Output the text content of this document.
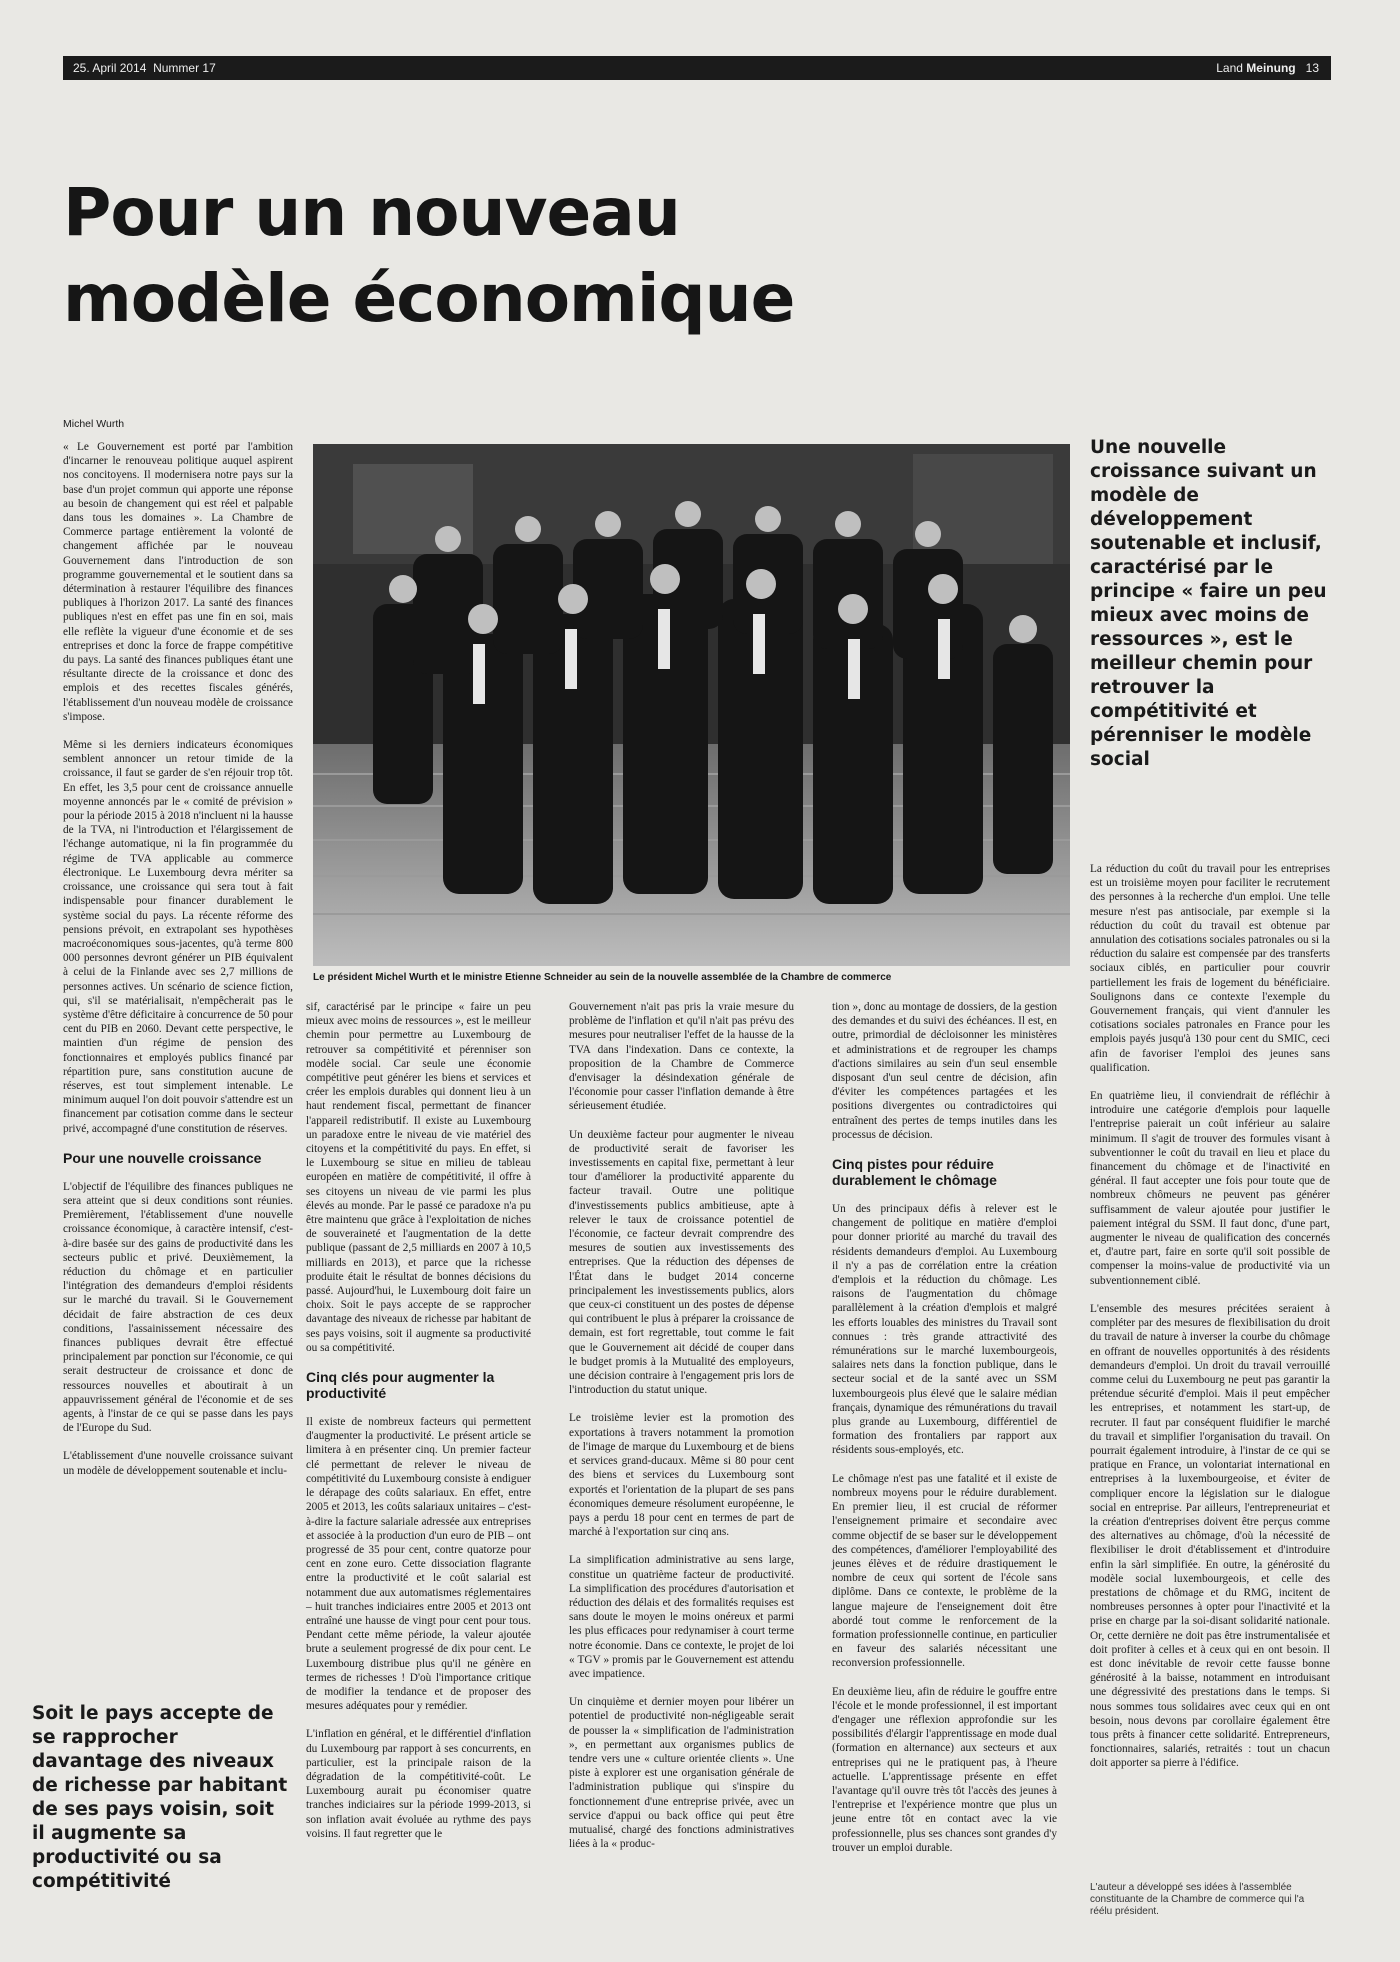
25. April 2014 Nummer 17	Land Meinung 13
Pour un nouveau modèle économique
Michel Wurth

« Le Gouvernement est porté par l'ambition d'incarner le renouveau politique auquel aspirent nos concitoyens. Il modernisera notre pays sur la base d'un projet commun qui apporte une réponse au besoin de changement qui est réel et palpable dans tous les domaines ». La Chambre de Commerce partage entièrement la volonté de changement affichée par le nouveau Gouvernement dans l'introduction de son programme gouvernemental et le soutient dans sa détermination à restaurer l'équilibre des finances publiques à l'horizon 2017. La santé des finances publiques n'est en effet pas une fin en soi, mais elle reflète la vigueur d'une économie et de ses entreprises et donc la force de frappe compétitive du pays. La santé des finances publiques étant une résultante directe de la croissance et donc des emplois et des recettes fiscales générés, l'établissement d'un nouveau modèle de croissance s'impose.

Même si les derniers indicateurs économiques semblent annoncer un retour timide de la croissance, il faut se garder de s'en réjouir trop tôt. En effet, les 3,5 pour cent de croissance annuelle moyenne annoncés par le « comité de prévision » pour la période 2015 à 2018 n'incluent ni la hausse de la TVA, ni l'introduction et l'élargissement de l'échange automatique, ni la fin programmée du régime de TVA applicable au commerce électronique. Le Luxembourg devra mériter sa croissance, une croissance qui sera tout à fait indispensable pour financer durablement le système social du pays. La récente réforme des pensions prévoit, en extrapolant ses hypothèses macroéconomiques sous-jacentes, qu'à terme 800 000 personnes devront générer un PIB équivalent à celui de la Finlande avec ses 2,7 millions de personnes actives. Un scénario de science fiction, qui, s'il se matérialisait, n'empêcherait pas le système d'être déficitaire à concurrence de 50 pour cent du PIB en 2060. Devant cette perspective, le maintien d'un régime de pension des fonctionnaires et employés publics financé par répartition pure, sans constitution aucune de réserves, est tout simplement intenable. Le minimum auquel l'on doit pouvoir s'attendre est un financement par cotisation comme dans le secteur privé, accompagné d'une constitution de réserves.

Pour une nouvelle croissance

L'objectif de l'équilibre des finances publiques ne sera atteint que si deux conditions sont réunies. Premièrement, l'établissement d'une nouvelle croissance économique, à caractère intensif, c'est-à-dire basée sur des gains de productivité dans les secteurs public et privé. Deuxièmement, la réduction du chômage et en particulier l'intégration des demandeurs d'emploi résidents sur le marché du travail. Si le Gouvernement décidait de faire abstraction de ces deux conditions, l'assainissement nécessaire des finances publiques devrait être effectué principalement par ponction sur l'économie, ce qui serait destructeur de croissance et donc de ressources nouvelles et aboutirait à un appauvrissement général de l'économie et de ses agents, à l'instar de ce qui se passe dans les pays de l'Europe du Sud.

L'établissement d'une nouvelle croissance suivant un modèle de développement soutenable et inclu-

Le président Michel Wurth et le ministre Etienne Schneider au sein de la nouvelle assemblée de la Chambre de commerce
Une nouvelle croissance suivant un modèle de développement soutenable et inclusif, caractérisé par le principe « faire un peu mieux avec moins de ressources », est le meilleur chemin pour retrouver la compétitivité et pérenniser le modèle social

sif, caractérisé par le principe « faire un peu mieux avec moins de ressources », est le meilleur chemin pour permettre au Luxembourg de retrouver sa compétitivité et pérenniser son modèle social. Car seule une économie compétitive peut générer les biens et services et créer les emplois durables qui donnent lieu à un haut rendement fiscal, permettant de financer l'appareil redistributif. Il existe au Luxembourg un paradoxe entre le niveau de vie matériel des citoyens et la compétitivité du pays. En effet, si le Luxembourg se situe en milieu de tableau européen en matière de compétitivité, il offre à ses citoyens un niveau de vie parmi les plus élevés au monde. Par le passé ce paradoxe n'a pu être maintenu que grâce à l'exploitation de niches de souveraineté et l'augmentation de la dette publique (passant de 2,5 milliards en 2007 à 10,5 milliards en 2013), et parce que la richesse produite était le résultat de bonnes décisions du passé. Aujourd'hui, le Luxembourg doit faire un choix. Soit le pays accepte de se rapprocher davantage des niveaux de richesse par habitant de ses pays voisins, soit il augmente sa productivité ou sa compétitivité.

Cinq clés pour augmenter la productivité

Il existe de nombreux facteurs qui permettent d'augmenter la productivité. Le présent article se limitera à en présenter cinq. Un premier facteur clé permettant de relever le niveau de compétitivité du Luxembourg consiste à endiguer le dérapage des coûts salariaux. En effet, entre 2005 et 2013, les coûts salariaux unitaires – c'est-à-dire la facture salariale adressée aux entreprises et associée à la production d'un euro de PIB – ont progressé de 35 pour cent, contre quatorze pour cent en zone euro. Cette dissociation flagrante entre la productivité et le coût salarial est notamment due aux automatismes réglementaires – huit tranches indiciaires entre 2005 et 2013 ont entraîné une hausse de vingt pour cent pour tous. Pendant cette même période, la valeur ajoutée brute a seulement progressé de dix pour cent. Le Luxembourg distribue plus qu'il ne génère en termes de richesses ! D'où l'importance critique de modifier la tendance et de proposer des mesures adéquates pour y remédier.

L'inflation en général, et le différentiel d'inflation du Luxembourg par rapport à ses concurrents, en particulier, est la principale raison de la dégradation de la compétitivité-coût. Le Luxembourg aurait pu économiser quatre tranches indiciaires sur la période 1999-2013, si son inflation avait évoluée au rythme des pays voisins. Il faut regretter que le

Gouvernement n'ait pas pris la vraie mesure du problème de l'inflation et qu'il n'ait pas prévu des mesures pour neutraliser l'effet de la hausse de la TVA dans l'indexation. Dans ce contexte, la proposition de la Chambre de Commerce d'envisager la désindexation générale de l'économie pour casser l'inflation demande à être sérieusement étudiée.

Un deuxième facteur pour augmenter le niveau de productivité serait de favoriser les investissements en capital fixe, permettant à leur tour d'améliorer la productivité apparente du facteur travail. Outre une politique d'investissements publics ambitieuse, apte à relever le taux de croissance potentiel de l'économie, ce facteur devrait comprendre des mesures de soutien aux investissements des entreprises. Que la réduction des dépenses de l'État dans le budget 2014 concerne principalement les investissements publics, alors que ceux-ci constituent un des postes de dépense qui contribuent le plus à préparer la croissance de demain, est fort regrettable, tout comme le fait que le Gouvernement ait décidé de couper dans le budget promis à la Mutualité des employeurs, une décision contraire à l'engagement pris lors de l'introduction du statut unique.

Le troisième levier est la promotion des exportations à travers notamment la promotion de l'image de marque du Luxembourg et de biens et services grand-ducaux. Même si 80 pour cent des biens et services du Luxembourg sont exportés et l'orientation de la plupart de ses pans économiques demeure résolument européenne, le pays a perdu 18 pour cent en termes de part de marché à l'exportation sur cinq ans.

La simplification administrative au sens large, constitue un quatrième facteur de productivité. La simplification des procédures d'autorisation et réduction des délais et des formalités requises est sans doute le moyen le moins onéreux et parmi les plus efficaces pour redynamiser à court terme notre économie. Dans ce contexte, le projet de loi « TGV » promis par le Gouvernement est attendu avec impatience.

Un cinquième et dernier moyen pour libérer un potentiel de productivité non-négligeable serait de pousser la « simplification de l'administration », en permettant aux organismes publics de tendre vers une « culture orientée clients ». Une piste à explorer est une organisation générale de l'administration publique qui s'inspire du fonctionnement d'une entreprise privée, avec un service d'appui ou back office qui peut être mutualisé, chargé des fonctions administratives liées à la « produc-

tion », donc au montage de dossiers, de la gestion des demandes et du suivi des échéances. Il est, en outre, primordial de décloisonner les ministères et administrations et de regrouper les champs d'actions similaires au sein d'un seul ensemble disposant d'un seul centre de décision, afin d'éviter les compétences partagées et les positions divergentes ou contradictoires qui entraînent des pertes de temps inutiles dans les processus de décision.

Cinq pistes pour réduire durablement le chômage

Un des principaux défis à relever est le changement de politique en matière d'emploi pour donner priorité au marché du travail des résidents demandeurs d'emploi. Au Luxembourg il n'y a pas de corrélation entre la création d'emplois et la réduction du chômage. Les raisons de l'augmentation du chômage parallèlement à la création d'emplois et malgré les efforts louables des ministres du Travail sont connues : très grande attractivité des rémunérations sur le marché luxembourgeois, salaires nets dans la fonction publique, dans le secteur social et de la santé avec un SSM luxembourgeois plus élevé que le salaire médian français, dynamique des rémunérations du travail plus grande au Luxembourg, différentiel de formation des frontaliers par rapport aux résidents sous-employés, etc.

Le chômage n'est pas une fatalité et il existe de nombreux moyens pour le réduire durablement. En premier lieu, il est crucial de réformer l'enseignement primaire et secondaire avec comme objectif de se baser sur le développement des compétences, d'améliorer l'employabilité des jeunes élèves et de réduire drastiquement le nombre de ceux qui sortent de l'école sans diplôme. Dans ce contexte, le problème de la langue majeure de l'enseignement doit être abordé tout comme le renforcement de la formation professionnelle continue, en particulier en faveur des salariés nécessitant une reconversion professionnelle.

En deuxième lieu, afin de réduire le gouffre entre l'école et le monde professionnel, il est important d'engager une réflexion approfondie sur les possibilités d'élargir l'apprentissage en mode dual (formation en alternance) aux secteurs et aux entreprises qui ne le pratiquent pas, à l'heure actuelle. L'apprentissage présente en effet l'avantage qu'il ouvre très tôt l'accès des jeunes à l'entreprise et l'expérience montre que plus un jeune entre tôt en contact avec la vie professionnelle, plus ses chances sont grandes d'y trouver un emploi durable.

La réduction du coût du travail pour les entreprises est un troisième moyen pour faciliter le recrutement des personnes à la recherche d'un emploi. Une telle mesure n'est pas antisociale, par exemple si la réduction du coût du travail est obtenue par annulation des cotisations sociales patronales ou si la réduction du salaire est compensée par des transferts sociaux ciblés, en particulier pour couvrir partiellement les frais de logement du bénéficiaire. Soulignons dans ce contexte l'exemple du Gouvernement français, qui vient d'annuler les cotisations sociales patronales en France pour les emplois payés jusqu'à 130 pour cent du SMIC, ceci afin de favoriser l'emploi des jeunes sans qualification.

En quatrième lieu, il conviendrait de réfléchir à introduire une catégorie d'emplois pour laquelle l'entreprise paierait un coût inférieur au salaire minimum. Il s'agit de trouver des formules visant à subventionner le coût du travail en lieu et place du financement du chômage et de l'inactivité en général. Il faut accepter une fois pour toute que de nombreux chômeurs ne peuvent pas générer suffisamment de valeur ajoutée pour justifier le paiement intégral du SSM. Il faut donc, d'une part, augmenter le niveau de qualification des concernés et, d'autre part, faire en sorte qu'il soit possible de compenser la moins-value de productivité via un subventionnement ciblé.

L'ensemble des mesures précitées seraient à compléter par des mesures de flexibilisation du droit du travail de nature à inverser la courbe du chômage en offrant de nouvelles opportunités à des résidents demandeurs d'emploi. Un droit du travail verrouillé comme celui du Luxembourg ne peut pas garantir la prétendue sécurité d'emploi. Mais il peut empêcher les entreprises, et notamment les start-up, de recruter. Il faut par conséquent fluidifier le marché du travail et simplifier l'organisation du travail. On pourrait également introduire, à l'instar de ce qui se pratique en France, un volontariat international en entreprises à la luxembourgeoise, et éviter de compliquer encore la législation sur le dialogue social en entreprise. Par ailleurs, l'entrepreneuriat et la création d'entreprises doivent être perçus comme des alternatives au chômage, d'où la nécessité de flexibiliser le droit d'établissement et d'introduire enfin la sàrl simplifiée. En outre, la générosité du modèle social luxembourgeois, et celle des prestations de chômage et du RMG, incitent de nombreuses personnes à opter pour l'inactivité et la prise en charge par la soi-disant solidarité nationale. Or, cette dernière ne doit pas être instrumentalisée et doit profiter à celles et à ceux qui en ont besoin. Il est donc inévitable de revoir cette fausse bonne générosité à la baisse, notamment en introduisant une dégressivité des prestations dans le temps. Si nous sommes tous solidaires avec ceux qui en ont besoin, nous devons par corollaire également être tous prêts à financer cette solidarité. Entrepreneurs, fonctionnaires, salariés, retraités : tout un chacun doit apporter sa pierre à l'édifice.

L'auteur a développé ses idées à l'assemblée constituante de la Chambre de commerce qui l'a réélu président.
Soit le pays accepte de se rapprocher davantage des niveaux de richesse par habitant de ses pays voisin, soit il augmente sa productivité ou sa compétitivité
